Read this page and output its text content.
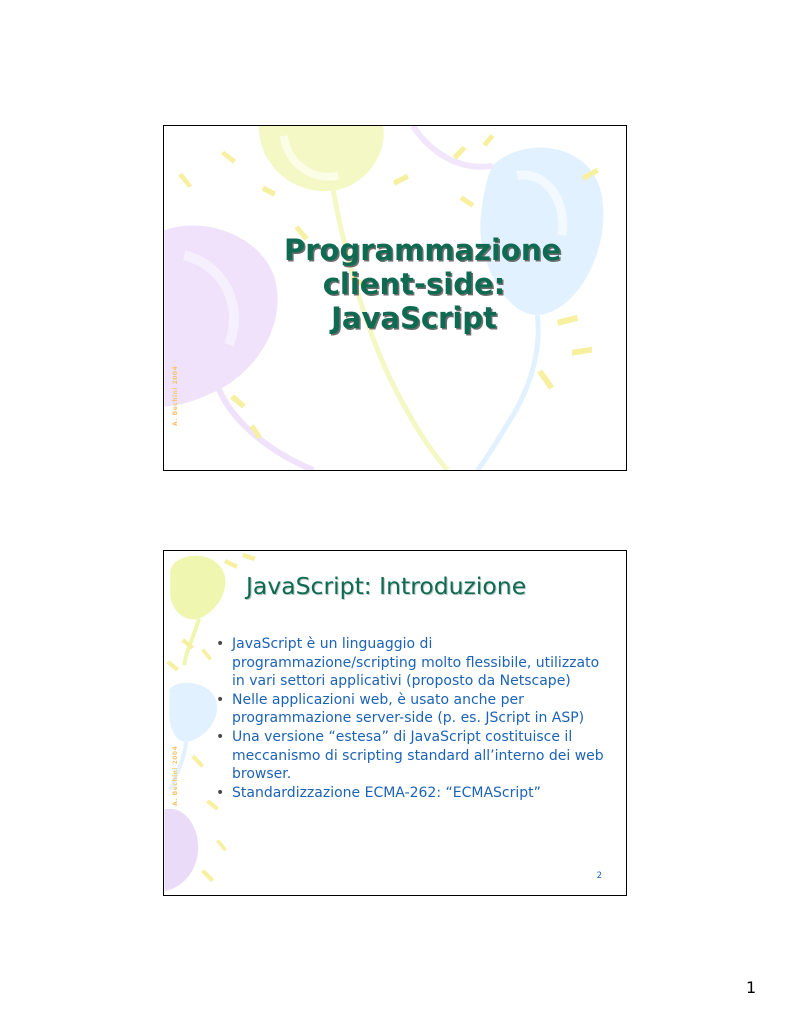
A. Bechini 2004
Programmazione
client-side:
JavaScript
A. Bechini 2004
JavaScript: Introduzione
• JavaScript è un linguaggio di programmazione/scripting molto flessibile, utilizzato in vari settori applicativi (proposto da Netscape)
• Nelle applicazioni web, è usato anche per programmazione server-side (p. es. JScript in ASP)
• Una versione “estesa” di JavaScript costituisce il meccanismo di scripting standard all’interno dei web browser.
• Standardizzazione ECMA-262: “ECMAScript”
2
1
